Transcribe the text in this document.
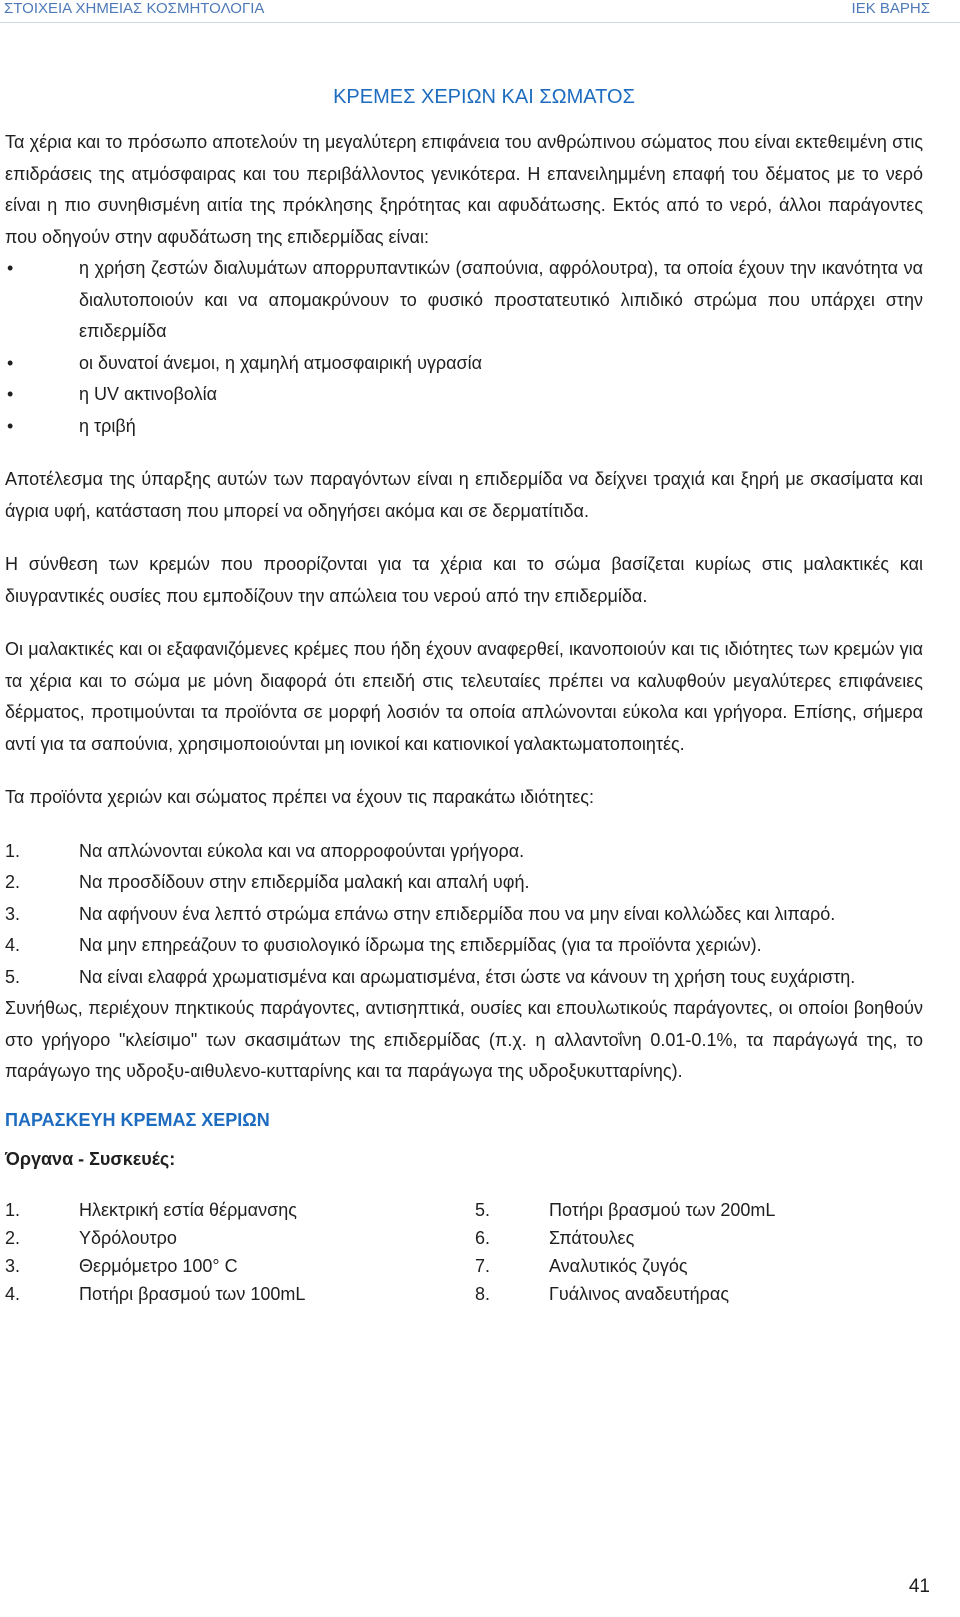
ΣΤΟΙΧΕΙΑ ΧΗΜΕΙΑΣ ΚΟΣΜΗΤΟΛΟΓΙΑ	ΙΕΚ ΒΑΡΗΣ
ΚΡΕΜΕΣ ΧΕΡΙΩΝ ΚΑΙ ΣΩΜΑΤΟΣ

Τα χέρια και το πρόσωπο αποτελούν τη μεγαλύτερη επιφάνεια του ανθρώπινου σώματος που είναι εκτεθειμένη στις επιδράσεις της ατμόσφαιρας και του περιβάλλοντος γενικότερα. Η επανειλημμένη επαφή του δέματος με το νερό είναι η πιο συνηθισμένη αιτία της πρόκλησης ξηρότητας και αφυδάτωσης. Εκτός από το νερό, άλλοι παράγοντες που οδηγούν στην αφυδάτωση της επιδερμίδας είναι:

•	η χρήση ζεστών διαλυμάτων απορρυπαντικών (σαπούνια, αφρόλουτρα), τα οποία έχουν την ικανότητα να διαλυτοποιούν και να απομακρύνουν το φυσικό προστατευτικό λιπιδικό στρώμα που υπάρχει στην επιδερμίδα
•	οι δυνατοί άνεμοι, η χαμηλή ατμοσφαιρική υγρασία
•	η UV ακτινοβολία
•	η τριβή

Αποτέλεσμα της ύπαρξης αυτών των παραγόντων είναι η επιδερμίδα να δείχνει τραχιά και ξηρή με σκασίματα και άγρια υφή, κατάσταση που μπορεί να οδηγήσει ακόμα και σε δερματίτιδα.

Η σύνθεση των κρεμών που προορίζονται για τα χέρια και το σώμα βασίζεται κυρίως στις μαλακτικές και διυγραντικές ουσίες που εμποδίζουν την απώλεια του νερού από την επιδερμίδα.

Οι μαλακτικές και οι εξαφανιζόμενες κρέμες που ήδη έχουν αναφερθεί, ικανοποιούν και τις ιδιότητες των κρεμών για τα χέρια και το σώμα με μόνη διαφορά ότι επειδή στις τελευταίες πρέπει να καλυφθούν μεγαλύτερες επιφάνειες δέρματος, προτιμούνται τα προϊόντα σε μορφή λοσιόν τα οποία απλώνονται εύκολα και γρήγορα. Επίσης, σήμερα αντί για τα σαπούνια, χρησιμοποιούνται μη ιονικοί και κατιονικοί γαλακτωματοποιητές.

Τα προϊόντα χεριών και σώματος πρέπει να έχουν τις παρακάτω ιδιότητες:

1.	Να απλώνονται εύκολα και να απορροφούνται γρήγορα.
2.	Να προσδίδουν στην επιδερμίδα μαλακή και απαλή υφή.
3.	Να αφήνουν ένα λεπτό στρώμα επάνω στην επιδερμίδα που να μην είναι κολλώδες και λιπαρό.
4.	Να μην επηρεάζουν το φυσιολογικό ίδρωμα της επιδερμίδας (για τα προϊόντα χεριών).
5.	Να είναι ελαφρά χρωματισμένα και αρωματισμένα, έτσι ώστε να κάνουν τη χρήση τους ευχάριστη.

Συνήθως, περιέχουν πηκτικούς παράγοντες, αντισηπτικά, ουσίες και επουλωτικούς παράγοντες, οι οποίοι βοηθούν στο γρήγορο "κλείσιμο" των σκασιμάτων της επιδερμίδας (π.χ. η αλλαντοΐνη 0.01-0.1%, τα παράγωγά της, το παράγωγο της υδροξυ-αιθυλενο-κυτταρίνης και τα παράγωγα της υδροξυκυτταρίνης).

ΠΑΡΑΣΚΕΥΗ ΚΡΕΜΑΣ ΧΕΡΙΩΝ
Όργανα - Συσκευές:
1.	Ηλεκτρική εστία θέρμανσης
2.	Υδρόλουτρο
3.	Θερμόμετρο 100° C
4.	Ποτήρι βρασμού των 100mL
5.	Ποτήρι βρασμού των 200mL
6.	Σπάτουλες
7.	Αναλυτικός ζυγός
8.	Γυάλινος αναδευτήρας
41
